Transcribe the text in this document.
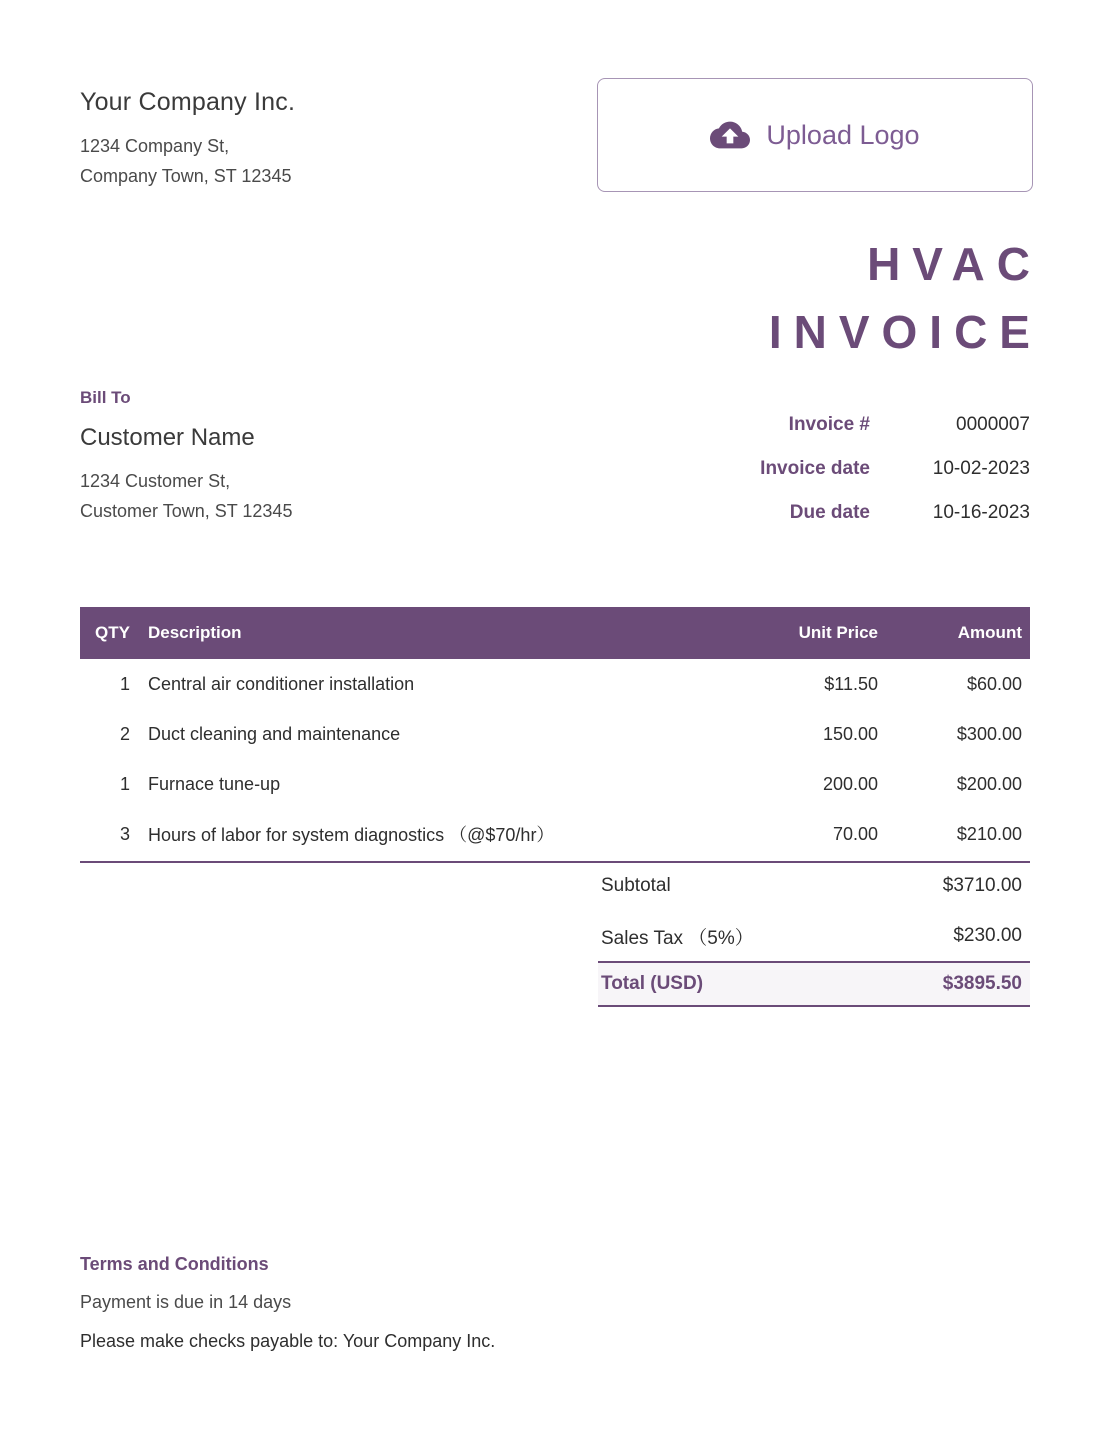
Your Company Inc.
1234 Company St,
Company Town, ST 12345
Upload Logo
HVAC
INVOICE
Bill To
Customer Name
1234 Customer St,
Customer Town, ST 12345
Invoice #	0000007
Invoice date	10-02-2023
Due date	10-16-2023
QTY	Description	Unit Price	Amount
1	Central air conditioner installation	$11.50	$60.00
2	Duct cleaning and maintenance	150.00	$300.00
1	Furnace tune-up	200.00	$200.00
3	Hours of labor for system diagnostics （@$70/hr）	70.00	$210.00
Subtotal	$3710.00
Sales Tax （5%）	$230.00
Total (USD)	$3895.50
Terms and Conditions
Payment is due in 14 days
Please make checks payable to: Your Company Inc.
